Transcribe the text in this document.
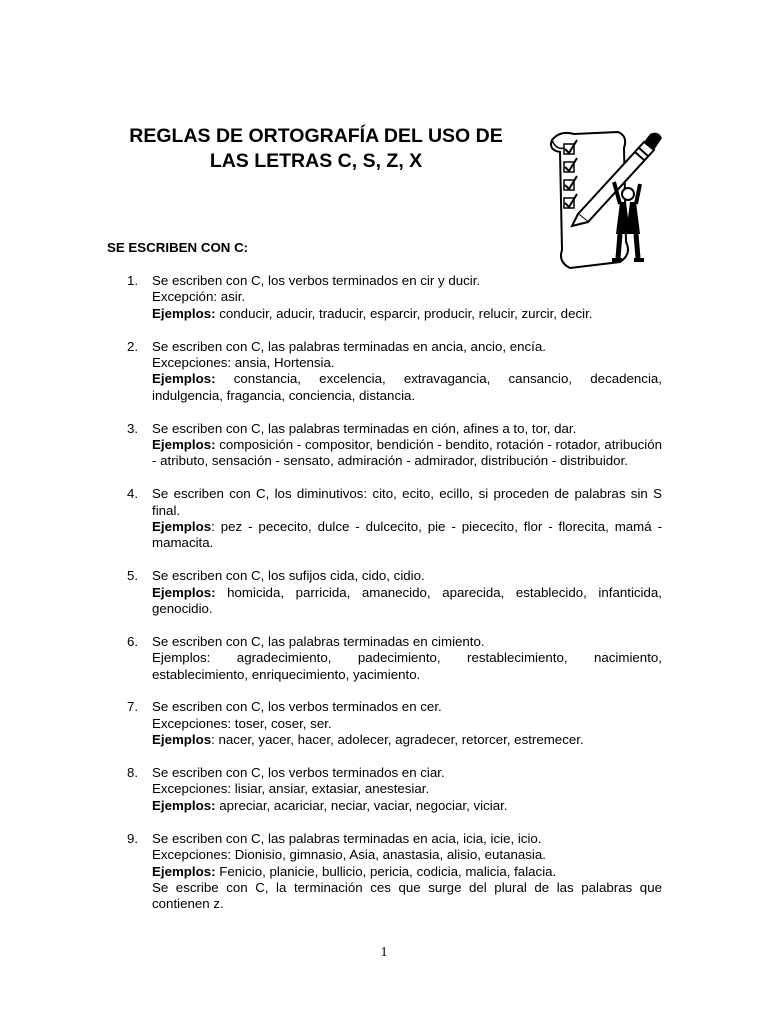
REGLAS DE ORTOGRAFÍA DEL USO DE
LAS LETRAS C, S, Z, X
SE ESCRIBEN CON C:
1. Se escriben con C, los verbos terminados en cir y ducir.

Excepción: asir.

Ejemplos: conducir, aducir, traducir, esparcir, producir, relucir, zurcir, decir.

2. Se escriben con C, las palabras terminadas en ancia, ancio, encía.

Excepciones: ansia, Hortensia.

Ejemplos: constancia, excelencia, extravagancia, cansancio, decadencia, indulgencia, fragancia, conciencia, distancia.

3. Se escriben con C, las palabras terminadas en ción, afines a to, tor, dar.

Ejemplos: composición - compositor, bendición - bendito, rotación - rotador, atribución - atributo, sensación - sensato, admiración - admirador, distribución - distribuidor.

4. Se escriben con C, los diminutivos: cito, ecito, ecillo, si proceden de palabras sin S final.

Ejemplos: pez - pececito, dulce - dulcecito, pie - piececito, flor - florecita, mamá - mamacita.

5. Se escriben con C, los sufijos cida, cido, cidio.

Ejemplos: homicida, parricida, amanecido, aparecida, establecido, infanticida, genocidio.

6. Se escriben con C, las palabras terminadas en cimiento.

Ejemplos: agradecimiento, padecimiento, restablecimiento, nacimiento, establecimiento, enriquecimiento, yacimiento.

7. Se escriben con C, los verbos terminados en cer.

Excepciones: toser, coser, ser.

Ejemplos: nacer, yacer, hacer, adolecer, agradecer, retorcer, estremecer.

8. Se escriben con C, los verbos terminados en ciar.

Excepciones: lisiar, ansiar, extasiar, anestesiar.

Ejemplos: apreciar, acariciar, neciar, vaciar, negociar, viciar.

9. Se escriben con C, las palabras terminadas en acia, icia, icie, icio.

Excepciones: Dionisio, gimnasio, Asia, anastasia, alisio, eutanasia.

Ejemplos: Fenicio, planicie, bullicio, pericia, codicia, malicia, falacia.

Se escribe con C, la terminación ces que surge del plural de las palabras que contienen z.

1
